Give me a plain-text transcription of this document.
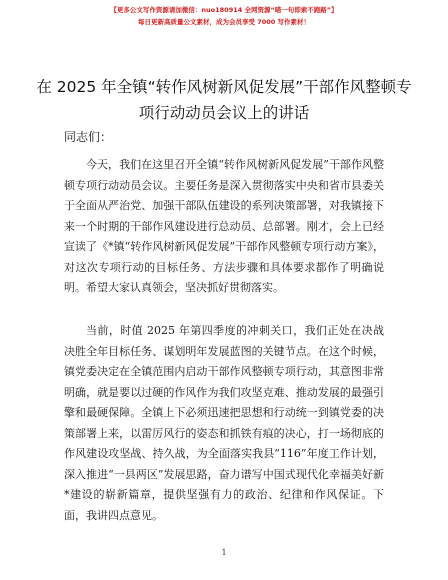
【更多公文写作资源请加微信：nuo180914 全网资源“喵一句即索不跑路”】
每日更新高质量公文素材，成为会员享受 7000 写作素材！
在 2025 年全镇“转作风树新风促发展”干部作风整顿专项行动动员会议上的讲话
同志们：
今天，我们在这里召开全镇“转作风树新风促发展”干部作风整顿专项行动动员会议。主要任务是深入贯彻落实中央和省市县委关于全面从严治党、加强干部队伍建设的系列决策部署，对我镇接下来一个时期的干部作风建设进行总动员、总部署。刚才，会上已经宣读了《*镇“转作风树新风促发展”干部作风整顿专项行动方案》，对这次专项行动的目标任务、方法步骤和具体要求都作了明确说明。希望大家认真领会，坚决抓好贯彻落实。
当前，时值 2025 年第四季度的冲刺关口，我们正处在决战决胜全年目标任务、谋划明年发展蓝图的关键节点。在这个时候，镇党委决定在全镇范围内启动干部作风整顿专项行动，其意图非常明确，就是要以过硬的作风作为我们攻坚克难、推动发展的最强引擎和最硬保障。全镇上下必须迅速把思想和行动统一到镇党委的决策部署上来，以雷厉风行的姿态和抓铁有痕的决心，打一场彻底的作风建设攻坚战、持久战，为全面落实我县“116”年度工作计划，深入推进“一县两区”发展思路，奋力谱写中国式现代化幸福美好新*建设的崭新篇章，提供坚强有力的政治、纪律和作风保证。下面，我讲四点意见。
1
